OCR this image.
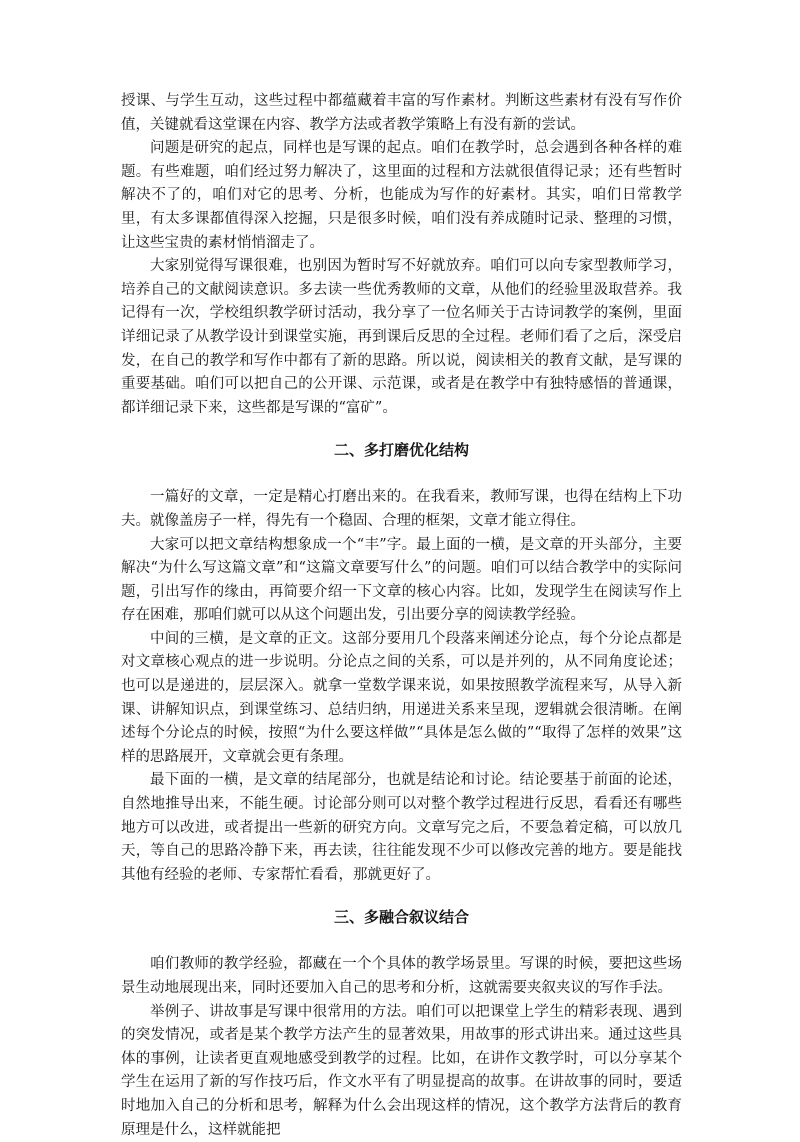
授课、与学生互动，这些过程中都蕴藏着丰富的写作素材。判断这些素材有没有写作价值，关键就看这堂课在内容、教学方法或者教学策略上有没有新的尝试。

问题是研究的起点，同样也是写课的起点。咱们在教学时，总会遇到各种各样的难题。有些难题，咱们经过努力解决了，这里面的过程和方法就很值得记录；还有些暂时解决不了的，咱们对它的思考、分析，也能成为写作的好素材。其实，咱们日常教学里，有太多课都值得深入挖掘，只是很多时候，咱们没有养成随时记录、整理的习惯，让这些宝贵的素材悄悄溜走了。

大家别觉得写课很难，也别因为暂时写不好就放弃。咱们可以向专家型教师学习，培养自己的文献阅读意识。多去读一些优秀教师的文章，从他们的经验里汲取营养。我记得有一次，学校组织教学研讨活动，我分享了一位名师关于古诗词教学的案例，里面详细记录了从教学设计到课堂实施，再到课后反思的全过程。老师们看了之后，深受启发，在自己的教学和写作中都有了新的思路。所以说，阅读相关的教育文献，是写课的重要基础。咱们可以把自己的公开课、示范课，或者是在教学中有独特感悟的普通课，都详细记录下来，这些都是写课的“富矿”。

二、多打磨优化结构

一篇好的文章，一定是精心打磨出来的。在我看来，教师写课，也得在结构上下功夫。就像盖房子一样，得先有一个稳固、合理的框架，文章才能立得住。

大家可以把文章结构想象成一个“丰”字。最上面的一横，是文章的开头部分，主要解决“为什么写这篇文章”和“这篇文章要写什么”的问题。咱们可以结合教学中的实际问题，引出写作的缘由，再简要介绍一下文章的核心内容。比如，发现学生在阅读写作上存在困难，那咱们就可以从这个问题出发，引出要分享的阅读教学经验。

中间的三横，是文章的正文。这部分要用几个段落来阐述分论点，每个分论点都是对文章核心观点的进一步说明。分论点之间的关系，可以是并列的，从不同角度论述；也可以是递进的，层层深入。就拿一堂数学课来说，如果按照教学流程来写，从导入新课、讲解知识点，到课堂练习、总结归纳，用递进关系来呈现，逻辑就会很清晰。在阐述每个分论点的时候，按照“为什么要这样做”“具体是怎么做的”“取得了怎样的效果”这样的思路展开，文章就会更有条理。

最下面的一横，是文章的结尾部分，也就是结论和讨论。结论要基于前面的论述，自然地推导出来，不能生硬。讨论部分则可以对整个教学过程进行反思，看看还有哪些地方可以改进，或者提出一些新的研究方向。文章写完之后，不要急着定稿，可以放几天，等自己的思路冷静下来，再去读，往往能发现不少可以修改完善的地方。要是能找其他有经验的老师、专家帮忙看看，那就更好了。

三、多融合叙议结合

咱们教师的教学经验，都藏在一个个具体的教学场景里。写课的时候，要把这些场景生动地展现出来，同时还要加入自己的思考和分析，这就需要夹叙夹议的写作手法。

举例子、讲故事是写课中很常用的方法。咱们可以把课堂上学生的精彩表现、遇到的突发情况，或者是某个教学方法产生的显著效果，用故事的形式讲出来。通过这些具体的事例，让读者更直观地感受到教学的过程。比如，在讲作文教学时，可以分享某个学生在运用了新的写作技巧后，作文水平有了明显提高的故事。在讲故事的同时，要适时地加入自己的分析和思考，解释为什么会出现这样的情况，这个教学方法背后的教育原理是什么，这样就能把
